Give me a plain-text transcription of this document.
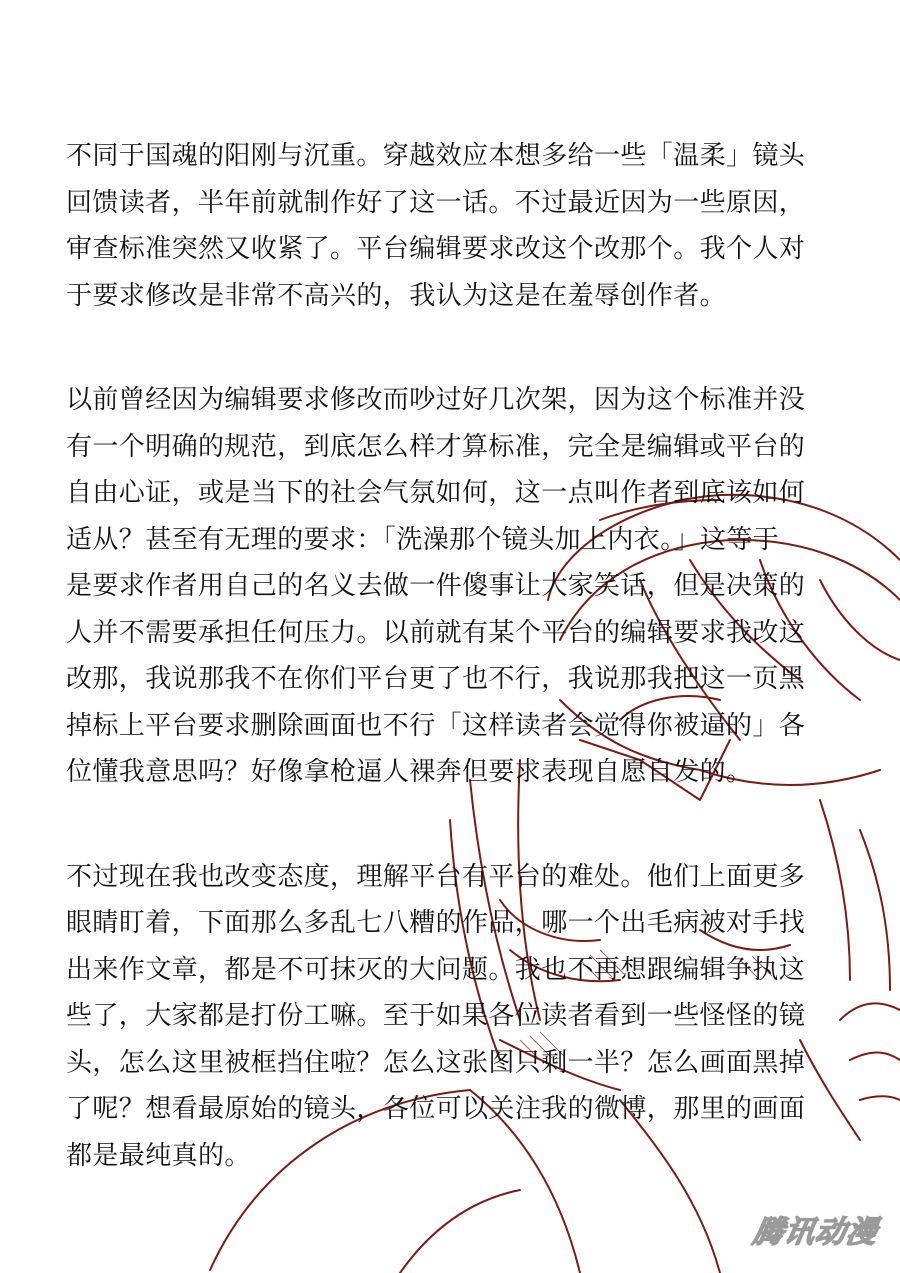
不同于国魂的阳刚与沉重。穿越效应本想多给一些「温柔」镜头
回馈读者，半年前就制作好了这一话。不过最近因为一些原因，
审查标准突然又收紧了。平台编辑要求改这个改那个。我个人对
于要求修改是非常不高兴的，我认为这是在羞辱创作者。

以前曾经因为编辑要求修改而吵过好几次架，因为这个标准并没
有一个明确的规范，到底怎么样才算标准，完全是编辑或平台的
自由心证，或是当下的社会气氛如何，这一点叫作者到底该如何
适从？甚至有无理的要求：「洗澡那个镜头加上内衣。」这等于
是要求作者用自己的名义去做一件傻事让大家笑话，但是决策的
人并不需要承担任何压力。以前就有某个平台的编辑要求我改这
改那，我说那我不在你们平台更了也不行，我说那我把这一页黑
掉标上平台要求删除画面也不行「这样读者会觉得你被逼的」各
位懂我意思吗？好像拿枪逼人裸奔但要求表现自愿自发的。

不过现在我也改变态度，理解平台有平台的难处。他们上面更多
眼睛盯着，下面那么多乱七八糟的作品，哪一个出毛病被对手找
出来作文章，都是不可抹灭的大问题。我也不再想跟编辑争执这
些了，大家都是打份工嘛。至于如果各位读者看到一些怪怪的镜
头，怎么这里被框挡住啦？怎么这张图只剩一半？怎么画面黑掉
了呢？想看最原始的镜头，各位可以关注我的微博，那里的画面
都是最纯真的。

腾讯动漫
